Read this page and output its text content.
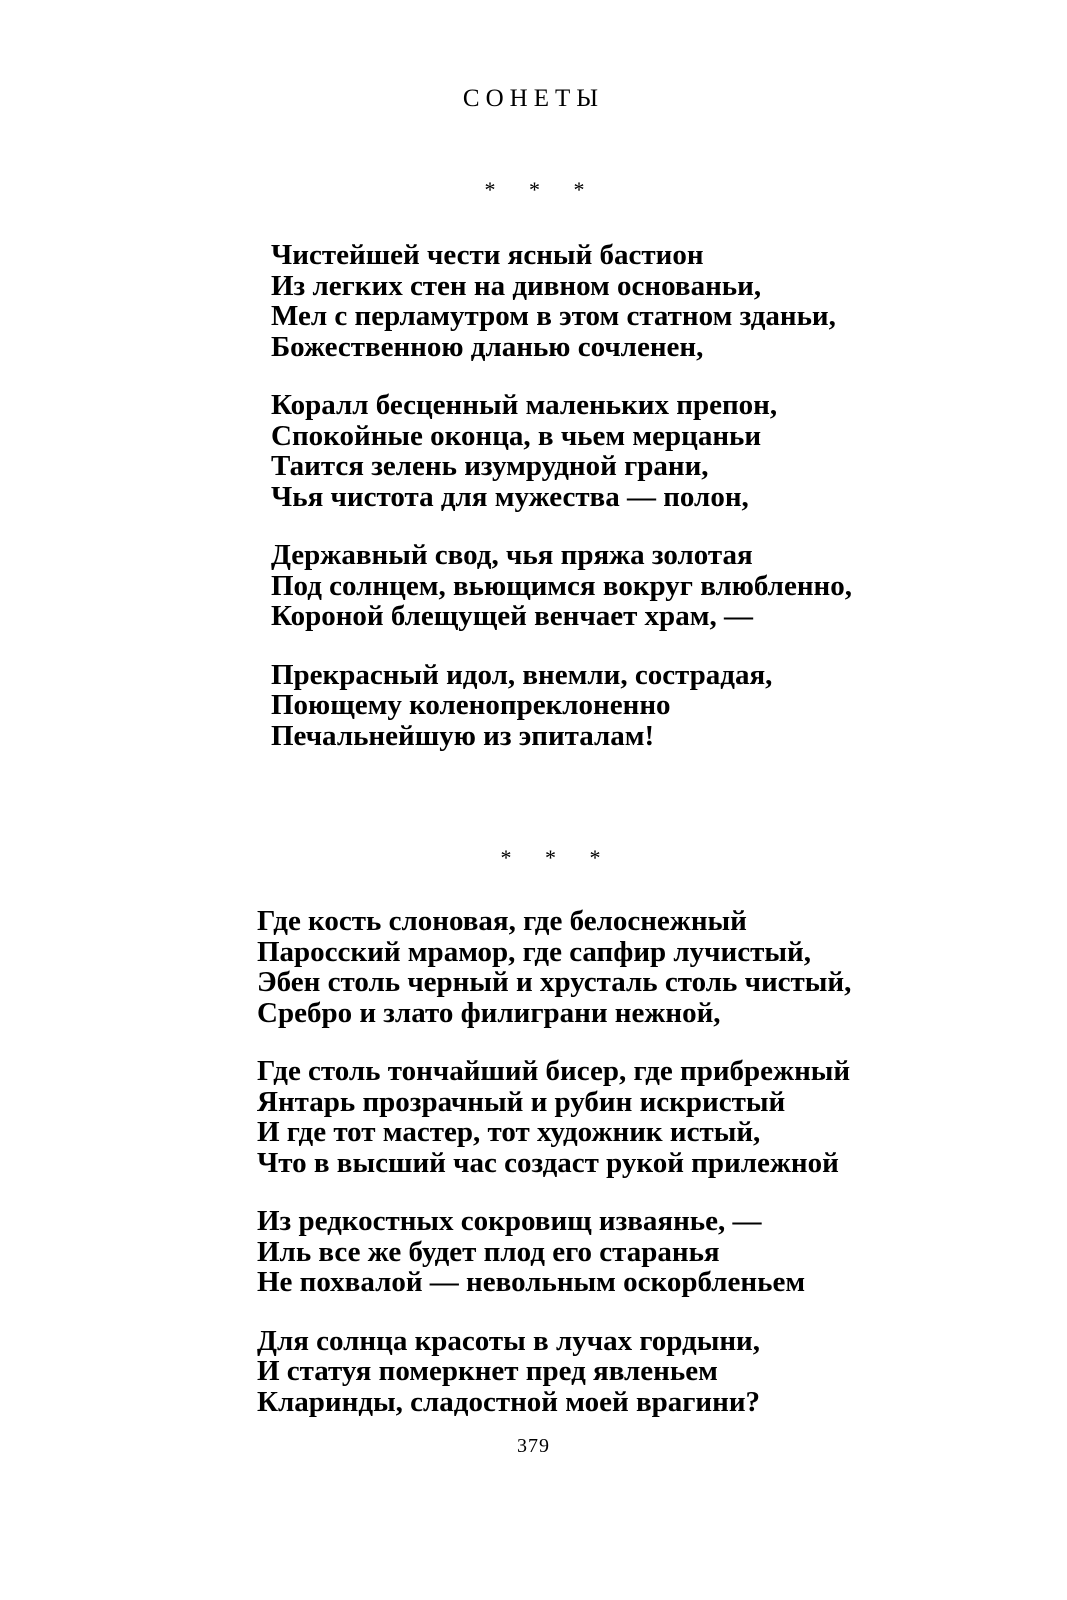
СОНЕТЫ
* * *
Чистейшей чести ясный бастион
Из легких стен на дивном основаньи,
Мел с перламутром в этом статном зданьи,
Божественною дланью сочленен,
Коралл бесценный маленьких препон,
Спокойные оконца, в чьем мерцаньи
Таится зелень изумрудной грани,
Чья чистота для мужества — полон,
Державный свод, чья пряжа золотая
Под солнцем, вьющимся вокруг влюбленно,
Короной блещущей венчает храм, —
Прекрасный идол, внемли, сострадая,
Поющему коленопреклоненно
Печальнейшую из эпиталам!
* * *
Где кость слоновая, где белоснежный
Паросский мрамор, где сапфир лучистый,
Эбен столь черный и хрусталь столь чистый,
Сребро и злато филиграни нежной,
Где столь тончайший бисер, где прибрежный
Янтарь прозрачный и рубин искристый
И где тот мастер, тот художник истый,
Что в высший час создаст рукой прилежной
Из редкостных сокровищ изваянье, —
Иль все же будет плод его старанья
Не похвалой — невольным оскорбленьем
Для солнца красоты в лучах гордыни,
И статуя померкнет пред явленьем
Кларинды, сладостной моей врагини?
379
